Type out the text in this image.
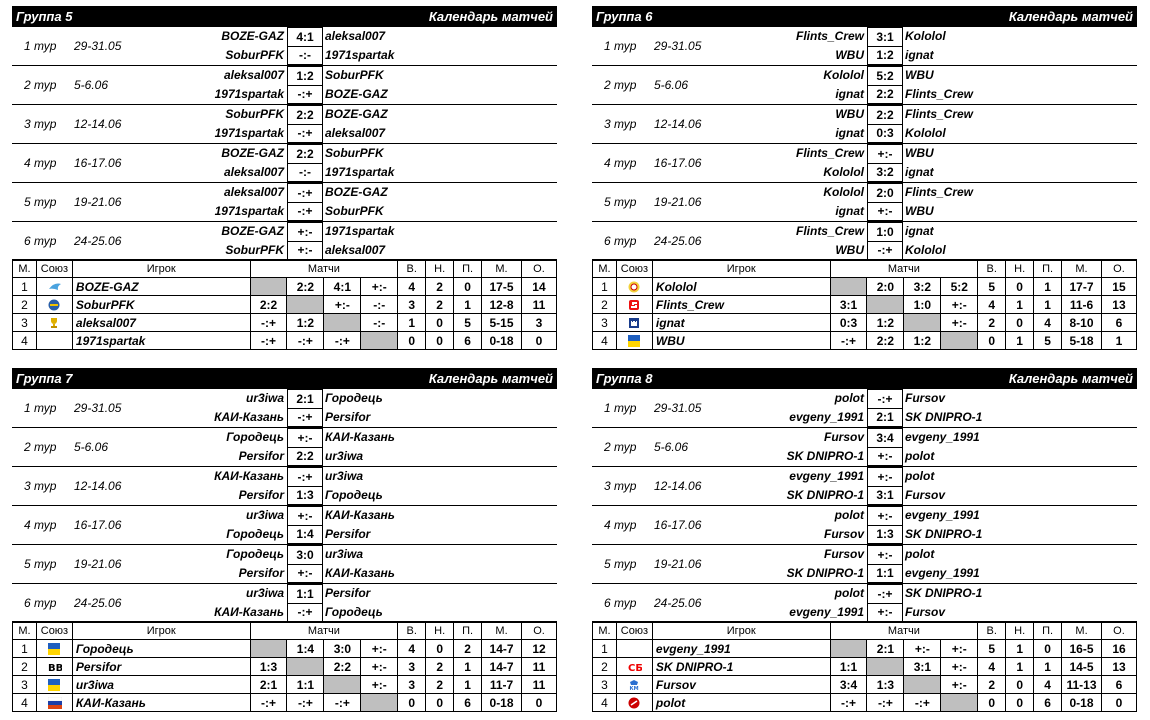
Группа 5	Календарь матчей
1 тур 29-31.05
BOZE-GAZ	4:1 aleksal007
SoburPFK	-:-	1971spartak
2 тур 5-6.06
aleksal007	1:2 SoburPFK
1971spartak	-:+	BOZE-GAZ
3 тур 12-14.06
SoburPFK	2:2 BOZE-GAZ
1971spartak	-:+	aleksal007
4 тур 16-17.06
BOZE-GAZ	2:2 SoburPFK
aleksal007	-:-	1971spartak
5 тур 19-21.06
aleksal007	-:+	BOZE-GAZ
1971spartak	-:+	SoburPFK
6 тур 24-25.06
BOZE-GAZ	+:-	1971spartak
SoburPFK	+:-	aleksal007
М.	Союз	Игрок	Матчи				В.	Н.	П.	М.	О.
1		BOZE-GAZ		2:2	4:1	+:-	4	2	0	17-5	14
2		SoburPFK	2:2		+:-	-:-	3	2	1	12-8	11
3		aleksal007	-:+	1:2		-:-	1	0	5	5-15	3
4		1971spartak	-:+	-:+	-:+		0	0	6	0-18	0
Группа 6	Календарь матчей
1 тур 29-31.05
Flints_Crew	3:1 Kololol
WBU	1:2 ignat
2 тур 5-6.06
Kololol	5:2 WBU
ignat	2:2 Flints_Crew
3 тур 12-14.06
WBU	2:2 Flints_Crew
ignat	0:3 Kololol
4 тур 16-17.06
Flints_Crew	+:-	WBU
Kololol	3:2 ignat
5 тур 19-21.06
Kololol	2:0 Flints_Crew
ignat	+:-	WBU
6 тур 24-25.06
Flints_Crew	1:0 ignat
WBU	-:+	Kololol
М.	Союз	Игрок	Матчи				В.	Н.	П.	М.	О.
1		Kololol		2:0	3:2	5:2	5	0	1	17-7	15
2		Flints_Crew	3:1		1:0	+:-	4	1	1	11-6	13
3		ignat	0:3	1:2		+:-	2	0	4	8-10	6
4		WBU	-:+	2:2	1:2		0	1	5	5-18	1
Группа 7	Календарь матчей
1 тур 29-31.05
ur3iwa	2:1 Городець
КАИ-Казань	-:+	Persifor
2 тур 5-6.06
Городець	+:-	КАИ-Казань
Persifor	2:2 ur3iwa
3 тур 12-14.06
КАИ-Казань	-:+	ur3iwa
Persifor	1:3 Городець
4 тур 16-17.06
ur3iwa	+:-	КАИ-Казань
Городець	1:4 Persifor
5 тур 19-21.06
Городець	3:0 ur3iwa
Persifor	+:-	КАИ-Казань
6 тур 24-25.06
ur3iwa	1:1 Persifor
КАИ-Казань	-:+	Городець
М.	Союз	Игрок	Матчи				В.	Н.	П.	М.	О.
1		Городець		1:4	3:0	+:-	4	0	2	14-7	12
2	BB	Persifor	1:3		2:2	+:-	3	2	1	14-7	11
3		ur3iwa	2:1	1:1		+:-	3	2	1	11-7	11
4		КАИ-Казань	-:+	-:+	-:+		0	0	6	0-18	0
Группа 8	Календарь матчей
1 тур 29-31.05
polot	-:+	Fursov
evgeny_1991	2:1 SK DNIPRO-1
2 тур 5-6.06
Fursov	3:4 evgeny_1991
SK DNIPRO-1	+:-	polot
3 тур 12-14.06
evgeny_1991	+:-	polot
SK DNIPRO-1	3:1 Fursov
4 тур 16-17.06
polot	+:-	evgeny_1991
Fursov	1:3 SK DNIPRO-1
5 тур 19-21.06
Fursov	+:-	polot
SK DNIPRO-1	1:1 evgeny_1991
6 тур 24-25.06
polot	-:+	SK DNIPRO-1
evgeny_1991	+:-	Fursov
М.	Союз	Игрок	Матчи				В.	Н.	П.	М.	О.
1		evgeny_1991		2:1	+:-	+:-	5	1	0	16-5	16
2	СБ	SK DNIPRO-1	1:1		3:1	+:-	4	1	1	14-5	13
3	КМ	Fursov	3:4	1:3		+:-	2	0	4	11-13	6
4		polot	-:+	-:+	-:+		0	0	6	0-18	0
